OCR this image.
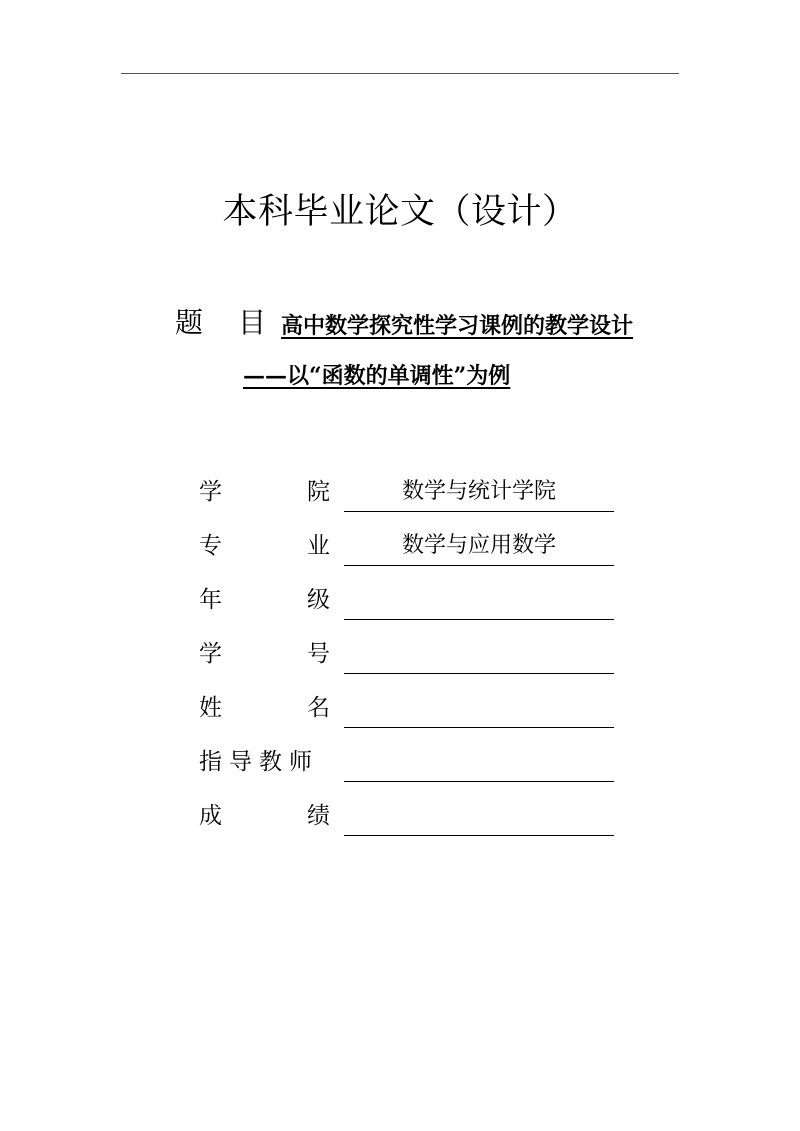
本科毕业论文（设计）
题 目 高中数学探究性学习课例的教学设计
——以“函数的单调性”为例
学	院	数学与统计学院
专	业	数学与应用数学
年	级
学	号
姓	名
指导教师
成	绩
